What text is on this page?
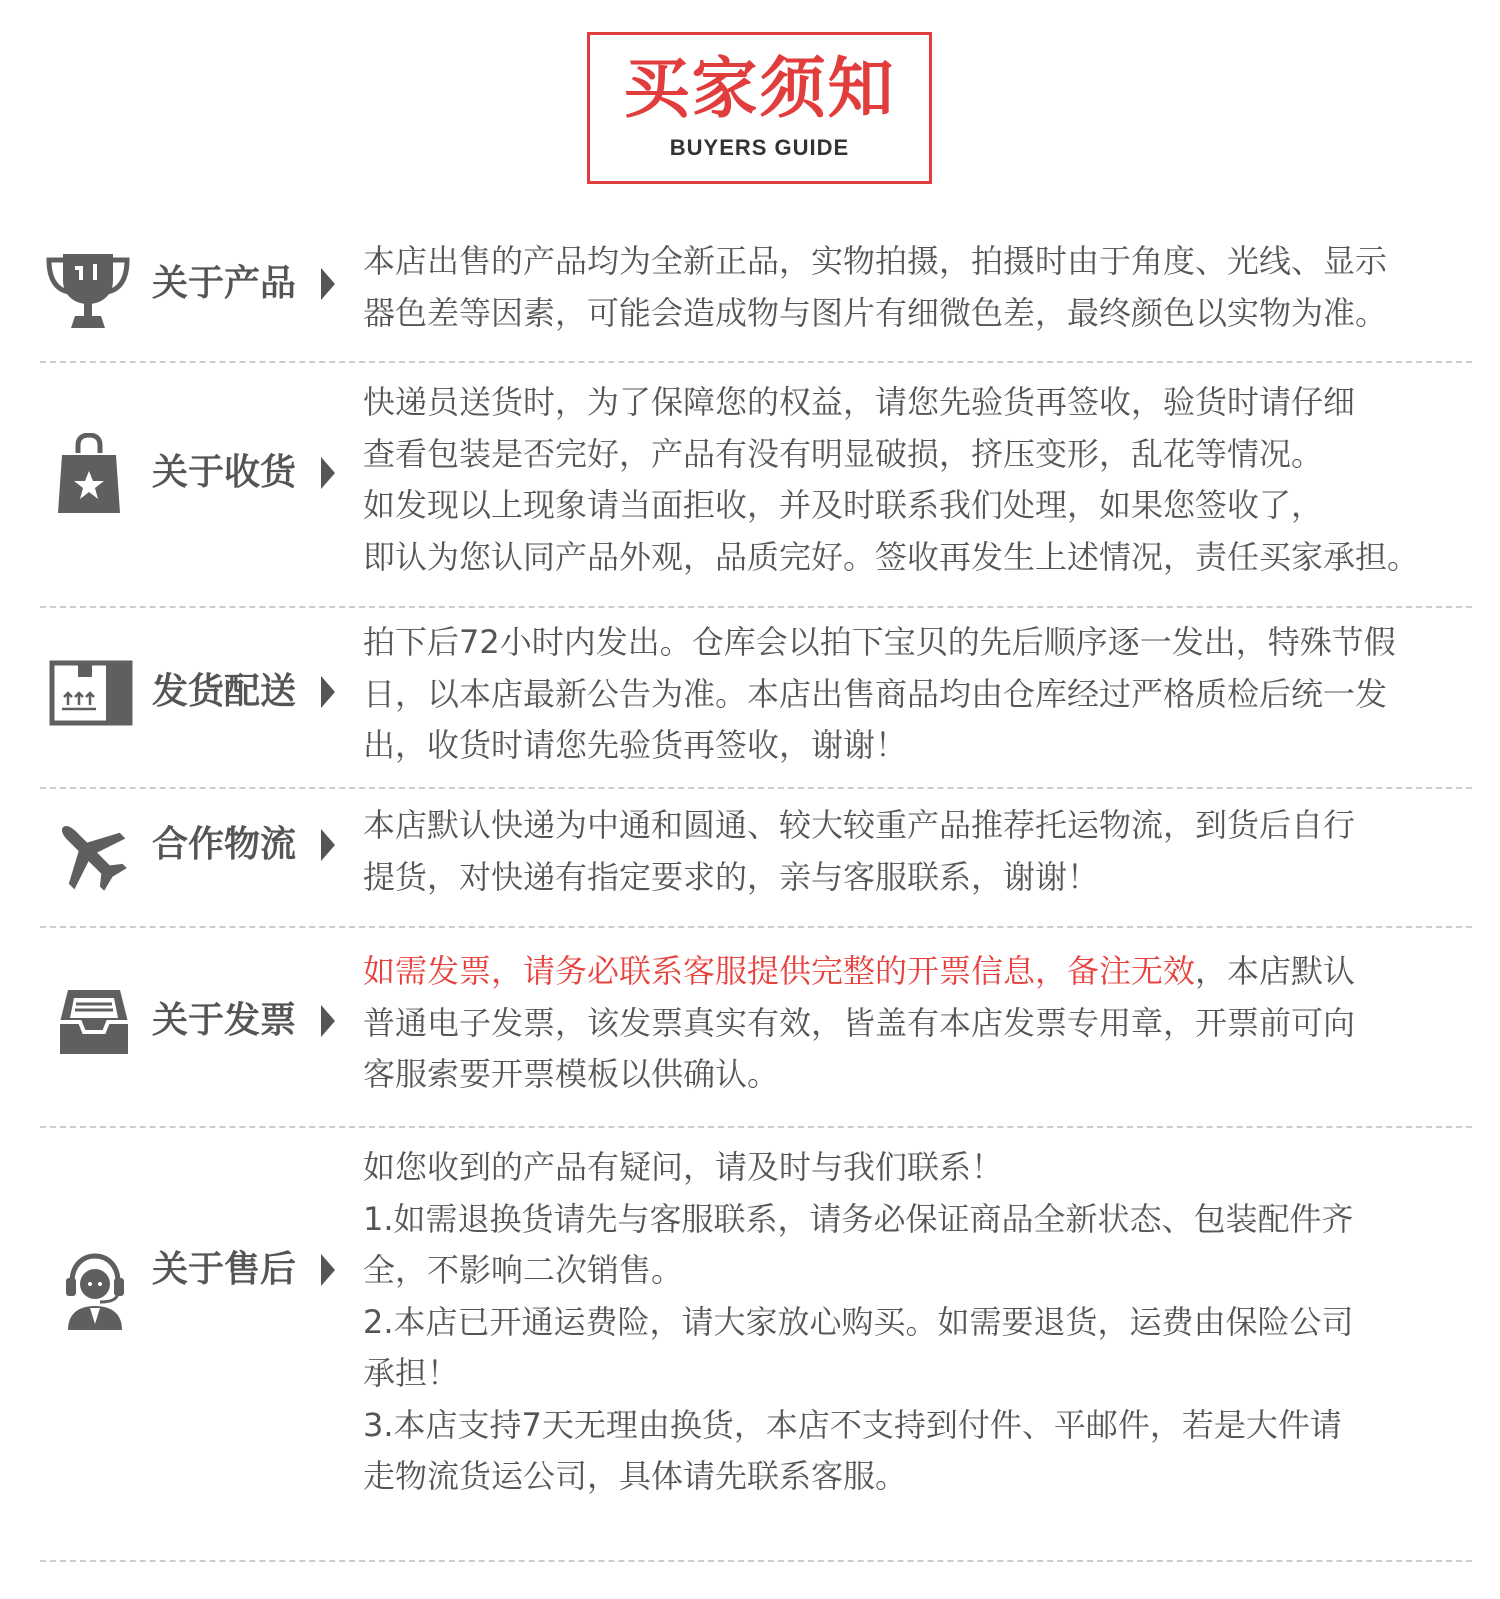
买家须知
BUYERS GUIDE
关于产品

本店出售的产品均为全新正品，实物拍摄，拍摄时由于角度、光线、显示

器色差等因素，可能会造成物与图片有细微色差，最终颜色以实物为准。

关于收货

快递员送货时，为了保障您的权益，请您先验货再签收，验货时请仔细

查看包装是否完好，产品有没有明显破损，挤压变形，乱花等情况。

如发现以上现象请当面拒收，并及时联系我们处理，如果您签收了，

即认为您认同产品外观，品质完好。签收再发生上述情况，责任买家承担。

发货配送

拍下后72小时内发出。仓库会以拍下宝贝的先后顺序逐一发出，特殊节假

日，以本店最新公告为准。本店出售商品均由仓库经过严格质检后统一发

出，收货时请您先验货再签收，谢谢！

合作物流 本店默认快递为中通和圆通、较大较重产品推荐托运物流，到货后自行

提货，对快递有指定要求的，亲与客服联系，谢谢！

关于发票

如需发票，请务必联系客服提供完整的开票信息，备注无效，本店默认

普通电子发票，该发票真实有效，皆盖有本店发票专用章，开票前可向

客服索要开票模板以供确认。

关于售后

如您收到的产品有疑问，请及时与我们联系！

1.如需退换货请先与客服联系，请务必保证商品全新状态、包装配件齐

全，不影响二次销售。

2.本店已开通运费险，请大家放心购买。如需要退货，运费由保险公司

承担！

3.本店支持7天无理由换货，本店不支持到付件、平邮件，若是大件请

走物流货运公司，具体请先联系客服。
